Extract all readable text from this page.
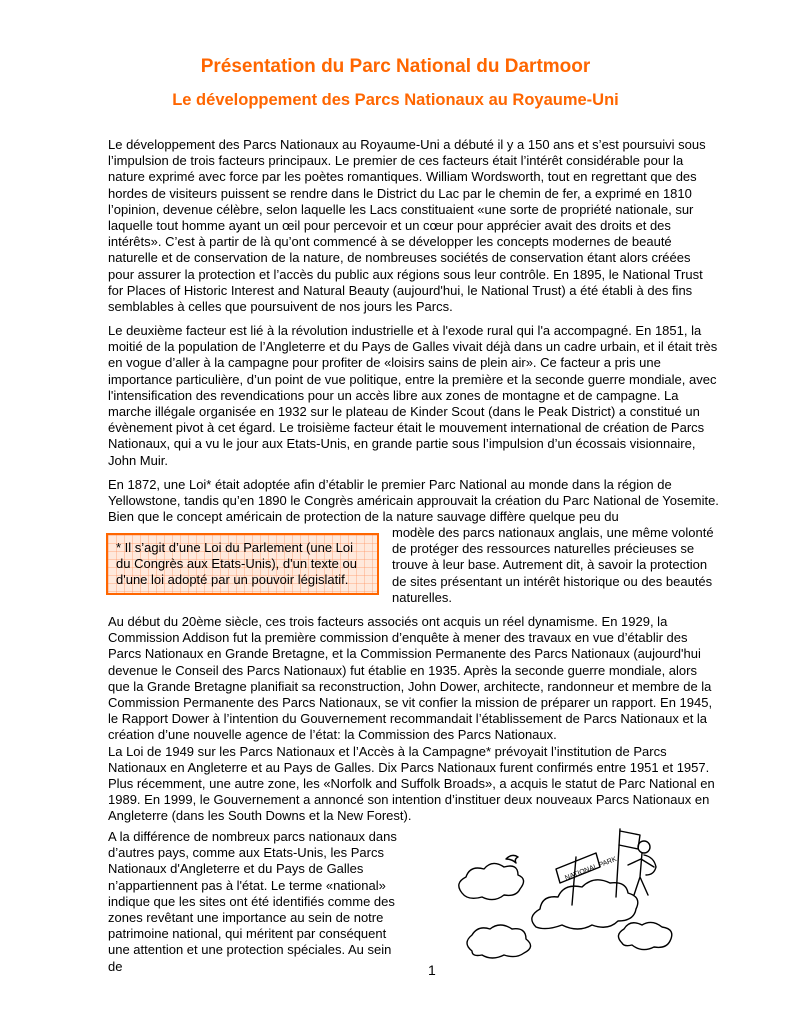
Présentation du Parc National du Dartmoor
Le développement des Parcs Nationaux au Royaume-Uni

Le développement des Parcs Nationaux au Royaume-Uni a débuté il y a 150 ans et s’est poursuivi sous l’impulsion de trois facteurs principaux. Le premier de ces facteurs était l’intérêt considérable pour la nature exprimé avec force par les poètes romantiques. William Wordsworth, tout en regrettant que des hordes de visiteurs puissent se rendre dans le District du Lac par le chemin de fer, a exprimé en 1810 l’opinion, devenue célèbre, selon laquelle les Lacs constituaient «une sorte de propriété nationale, sur laquelle tout homme ayant un œil pour percevoir et un cœur pour apprécier avait des droits et des intérêts». C’est à partir de là qu’ont commencé à se développer les concepts modernes de beauté naturelle et de conservation de la nature, de nombreuses sociétés de conservation étant alors créées pour assurer la protection et l’accès du public aux régions sous leur contrôle. En 1895, le National Trust for Places of Historic Interest and Natural Beauty (aujourd'hui, le National Trust) a été établi à des fins semblables à celles que poursuivent de nos jours les Parcs.

Le deuxième facteur est lié à la révolution industrielle et à l'exode rural qui l'a accompagné. En 1851, la moitié de la population de l’Angleterre et du Pays de Galles vivait déjà dans un cadre urbain, et il était très en vogue d’aller à la campagne pour profiter de «loisirs sains de plein air». Ce facteur a pris une importance particulière, d’un point de vue politique, entre la première et la seconde guerre mondiale, avec l'intensification des revendications pour un accès libre aux zones de montagne et de campagne. La marche illégale organisée en 1932 sur le plateau de Kinder Scout (dans le Peak District) a constitué un évènement pivot à cet égard. Le troisième facteur était le mouvement international de création de Parcs Nationaux, qui a vu le jour aux Etats-Unis, en grande partie sous l’impulsion d’un écossais visionnaire, John Muir.

En 1872, une Loi* était adoptée afin d’établir le premier Parc National au monde dans la région de Yellowstone, tandis qu’en 1890 le Congrès américain approuvait la création du Parc National de Yosemite. Bien que le concept américain de protection de la nature sauvage diffère quelque peu du

modèle des parcs nationaux anglais, une même volonté de protéger des ressources naturelles précieuses se trouve à leur base. Autrement dit, à savoir la protection de sites présentant un intérêt historique ou des beautés naturelles.

* Il s’agit d’une Loi du Parlement (une Loi du Congrès aux Etats-Unis), d'un texte ou d'une loi adopté par un pouvoir législatif.
Au début du 20ème siècle, ces trois facteurs associés ont acquis un réel dynamisme. En 1929, la Commission Addison fut la première commission d’enquête à mener des travaux en vue d’établir des Parcs Nationaux en Grande Bretagne, et la Commission Permanente des Parcs Nationaux (aujourd'hui devenue le Conseil des Parcs Nationaux) fut établie en 1935. Après la seconde guerre mondiale, alors que la Grande Bretagne planifiait sa reconstruction, John Dower, architecte, randonneur et membre de la Commission Permanente des Parcs Nationaux, se vit confier la mission de préparer un rapport. En 1945, le Rapport Dower à l’intention du Gouvernement recommandait l’établissement de Parcs Nationaux et la création d’une nouvelle agence de l’état: la Commission des Parcs Nationaux.
La Loi de 1949 sur les Parcs Nationaux et l’Accès à la Campagne* prévoyait l’institution de Parcs Nationaux en Angleterre et au Pays de Galles. Dix Parcs Nationaux furent confirmés entre 1951 et 1957. Plus récemment, une autre zone, les «Norfolk and Suffolk Broads», a acquis le statut de Parc National en 1989. En 1999, le Gouvernement a annoncé son intention d’instituer deux nouveaux Parcs Nationaux en Angleterre (dans les South Downs et la New Forest).

A la différence de nombreux parcs nationaux dans d’autres pays, comme aux Etats-Unis, les Parcs Nationaux d'Angleterre et du Pays de Galles n’appartiennent pas à l'état. Le terme «national» indique que les sites ont été identifiés comme des zones revêtant une importance au sein de notre patrimoine national, qui méritent par conséquent une attention et une protection spéciales. Au sein de

NATIONAL PARK
1
